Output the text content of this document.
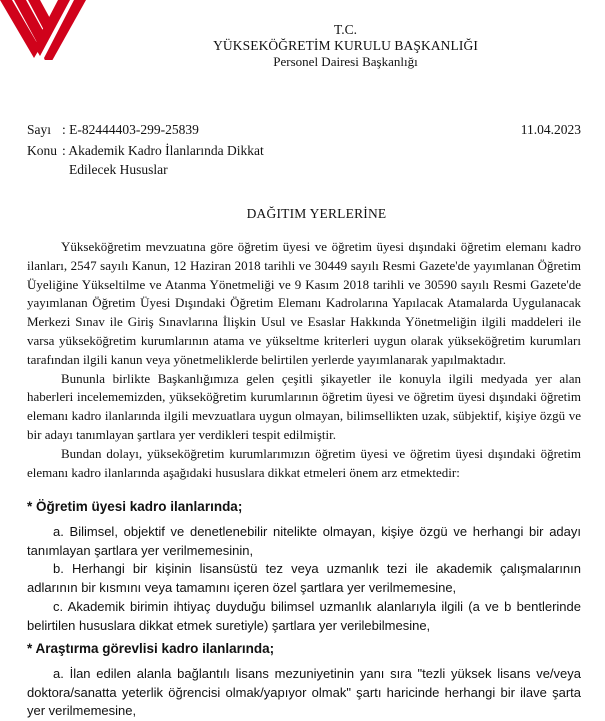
T.C.
YÜKSEKÖĞRETİM KURULU BAŞKANLIĞI
Personel Dairesi Başkanlığı
Sayı : E-82444403-299-25839	11.04.2023
Konu : Akademik Kadro İlanlarında Dikkat
Edilecek Hususlar
DAĞITIM YERLERİNE

Yükseköğretim mevzuatına göre öğretim üyesi ve öğretim üyesi dışındaki öğretim elemanı kadro ilanları, 2547 sayılı Kanun, 12 Haziran 2018 tarihli ve 30449 sayılı Resmi Gazete'de yayımlanan Öğretim Üyeliğine Yükseltilme ve Atanma Yönetmeliği ve 9 Kasım 2018 tarihli ve 30590 sayılı Resmi Gazete'de yayımlanan Öğretim Üyesi Dışındaki Öğretim Elemanı Kadrolarına Yapılacak Atamalarda Uygulanacak Merkezi Sınav ile Giriş Sınavlarına İlişkin Usul ve Esaslar Hakkında Yönetmeliğin ilgili maddeleri ile varsa yükseköğretim kurumlarının atama ve yükseltme kriterleri uygun olarak yükseköğretim kurumları tarafından ilgili kanun veya yönetmeliklerde belirtilen yerlerde yayımlanarak yapılmaktadır.

Bununla birlikte Başkanlığımıza gelen çeşitli şikayetler ile konuyla ilgili medyada yer alan haberleri incelememizden, yükseköğretim kurumlarının öğretim üyesi ve öğretim üyesi dışındaki öğretim elemanı kadro ilanlarında ilgili mevzuatlara uygun olmayan, bilimsellikten uzak, sübjektif, kişiye özgü ve bir adayı tanımlayan şartlara yer verdikleri tespit edilmiştir.

Bundan dolayı, yükseköğretim kurumlarımızın öğretim üyesi ve öğretim üyesi dışındaki öğretim elemanı kadro ilanlarında aşağıdaki hususlara dikkat etmeleri önem arz etmektedir:

* Öğretim üyesi kadro ilanlarında;

a. Bilimsel, objektif ve denetlenebilir nitelikte olmayan, kişiye özgü ve herhangi bir adayı tanımlayan şartlara yer verilmemesinin,

b. Herhangi bir kişinin lisansüstü tez veya uzmanlık tezi ile akademik çalışmalarının adlarının bir kısmını veya tamamını içeren özel şartlara yer verilmemesine,

c. Akademik birimin ihtiyaç duyduğu bilimsel uzmanlık alanlarıyla ilgili (a ve b bentlerinde belirtilen hususlara dikkat etmek suretiyle) şartlara yer verilebilmesine,

* Araştırma görevlisi kadro ilanlarında;

a. İlan edilen alanla bağlantılı lisans mezuniyetinin yanı sıra "tezli yüksek lisans ve/veya doktora/sanatta yeterlik öğrencisi olmak/yapıyor olmak" şartı haricinde herhangi bir ilave şarta yer verilmemesine,
